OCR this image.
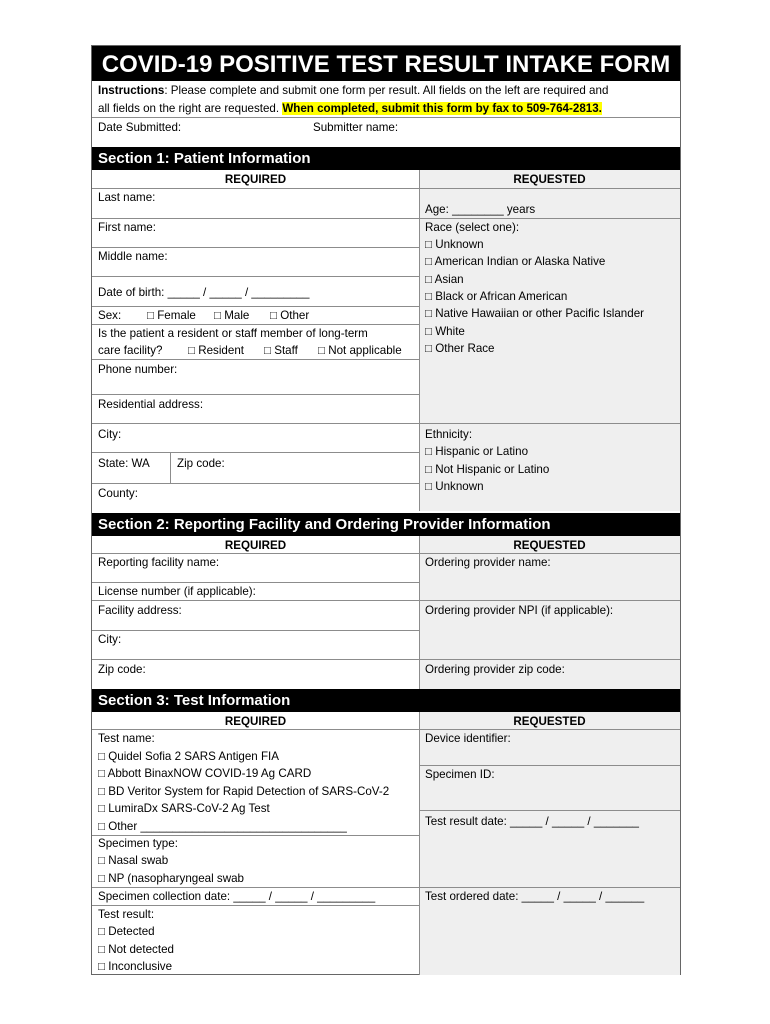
COVID-19 POSITIVE TEST RESULT INTAKE FORM
Instructions: Please complete and submit one form per result. All fields on the left are required and
all fields on the right are requested. When completed, submit this form by fax to 509-764-2813.
Date Submitted:	Submitter name:
Section 1: Patient Information
REQUIRED	REQUESTED
Last name:
First name:
Middle name:
Date of birth: _____ / _____ / _________
Sex: □ Female □ Male □ Other
Is the patient a resident or staff member of long-term
care facility? □ Resident □ Staff □ Not applicable
Phone number:
Residential address:
City:
State: WA Zip code:
County:
Age: ________ years
Race (select one):
□ Unknown
□ American Indian or Alaska Native
□ Asian
□ Black or African American
□ Native Hawaiian or other Pacific Islander
□ White
□ Other Race
Ethnicity:
□ Hispanic or Latino
□ Not Hispanic or Latino
□ Unknown
Section 2: Reporting Facility and Ordering Provider Information
REQUIRED	REQUESTED
Reporting facility name:
License number (if applicable):
Facility address:
City:
Zip code:
Ordering provider name:
Ordering provider NPI (if applicable):
Ordering provider zip code:
Section 3: Test Information
REQUIRED	REQUESTED
Test name:
□ Quidel Sofia 2 SARS Antigen FIA
□ Abbott BinaxNOW COVID-19 Ag CARD
□ BD Veritor System for Rapid Detection of SARS-CoV-2
□ LumiraDx SARS-CoV-2 Ag Test
□ Other ________________________________
Specimen type:
□ Nasal swab
□ NP (nasopharyngeal swab
Specimen collection date: _____ / _____ / _________
Test result:
□ Detected
□ Not detected
□ Inconclusive
Device identifier:
Specimen ID:
Test result date: _____ / _____ / _______
Test ordered date: _____ / _____ / ______
